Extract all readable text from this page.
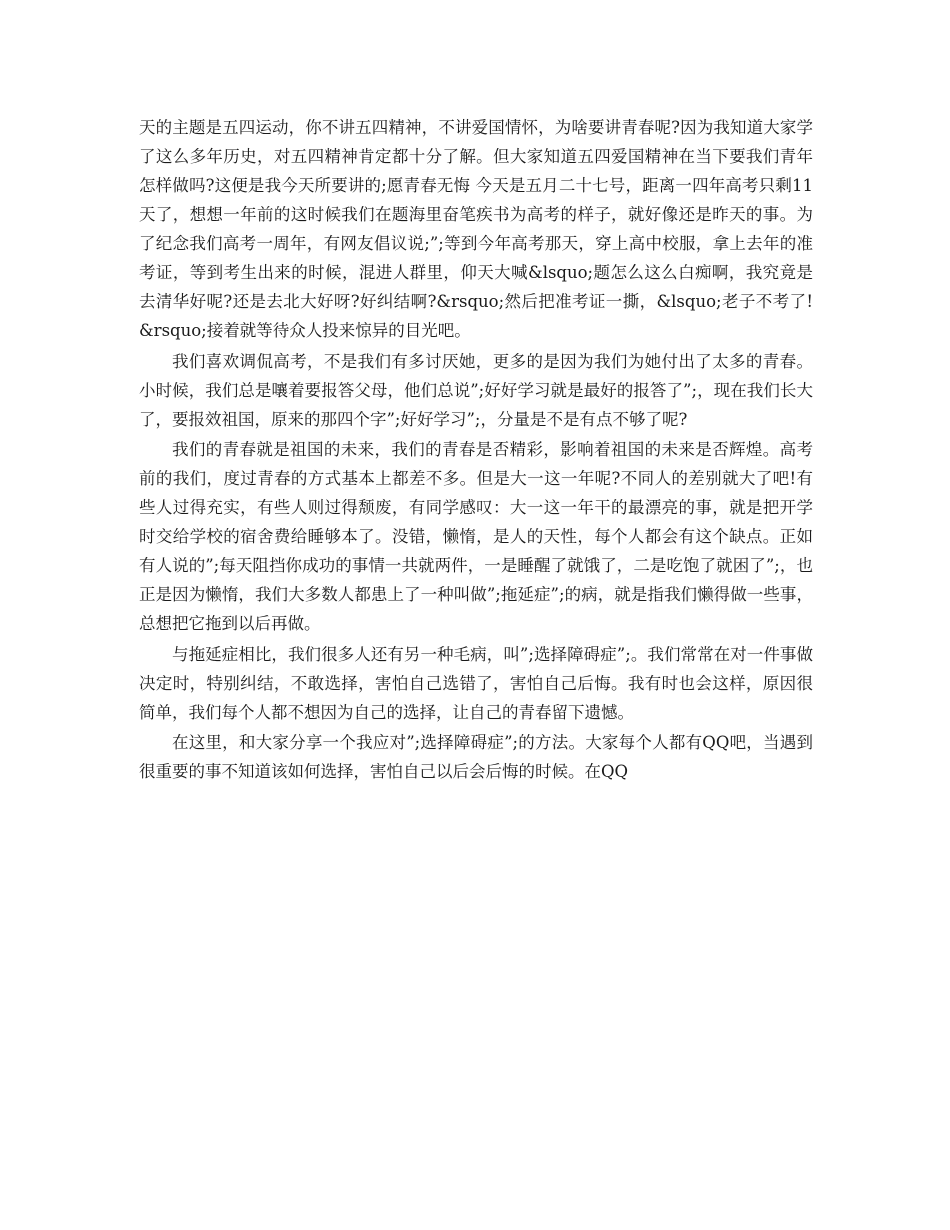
天的主题是五四运动，你不讲五四精神，不讲爱国情怀，为啥要讲青春呢?因为我知道大家学了这么多年历史，对五四精神肯定都十分了解。但大家知道五四爱国精神在当下要我们青年怎样做吗?这便是我今天所要讲的;愿青春无悔 今天是五月二十七号，距离一四年高考只剩11天了，想想一年前的这时候我们在题海里奋笔疾书为高考的样子，就好像还是昨天的事。为了纪念我们高考一周年，有网友倡议说;”;等到今年高考那天，穿上高中校服，拿上去年的准考证，等到考生出来的时候，混进人群里，仰天大喊&lsquo;题怎么这么白痴啊，我究竟是去清华好呢?还是去北大好呀?好纠结啊?&rsquo;然后把准考证一撕，&lsquo;老子不考了!&rsquo;接着就等待众人投来惊异的目光吧。

我们喜欢调侃高考，不是我们有多讨厌她，更多的是因为我们为她付出了太多的青春。小时候，我们总是嚷着要报答父母，他们总说”;好好学习就是最好的报答了”;，现在我们长大了，要报效祖国，原来的那四个字”;好好学习”;，分量是不是有点不够了呢?

我们的青春就是祖国的未来，我们的青春是否精彩，影响着祖国的未来是否辉煌。高考前的我们，度过青春的方式基本上都差不多。但是大一这一年呢?不同人的差别就大了吧!有些人过得充实，有些人则过得颓废，有同学感叹：大一这一年干的最漂亮的事，就是把开学时交给学校的宿舍费给睡够本了。没错，懒惰，是人的天性，每个人都会有这个缺点。正如有人说的”;每天阻挡你成功的事情一共就两件，一是睡醒了就饿了，二是吃饱了就困了”;，也正是因为懒惰，我们大多数人都患上了一种叫做”;拖延症”;的病，就是指我们懒得做一些事，总想把它拖到以后再做。

与拖延症相比，我们很多人还有另一种毛病，叫”;选择障碍症”;。我们常常在对一件事做决定时，特别纠结，不敢选择，害怕自己选错了，害怕自己后悔。我有时也会这样，原因很简单，我们每个人都不想因为自己的选择，让自己的青春留下遗憾。

在这里，和大家分享一个我应对”;选择障碍症”;的方法。大家每个人都有QQ吧，当遇到很重要的事不知道该如何选择，害怕自己以后会后悔的时候。在QQ
